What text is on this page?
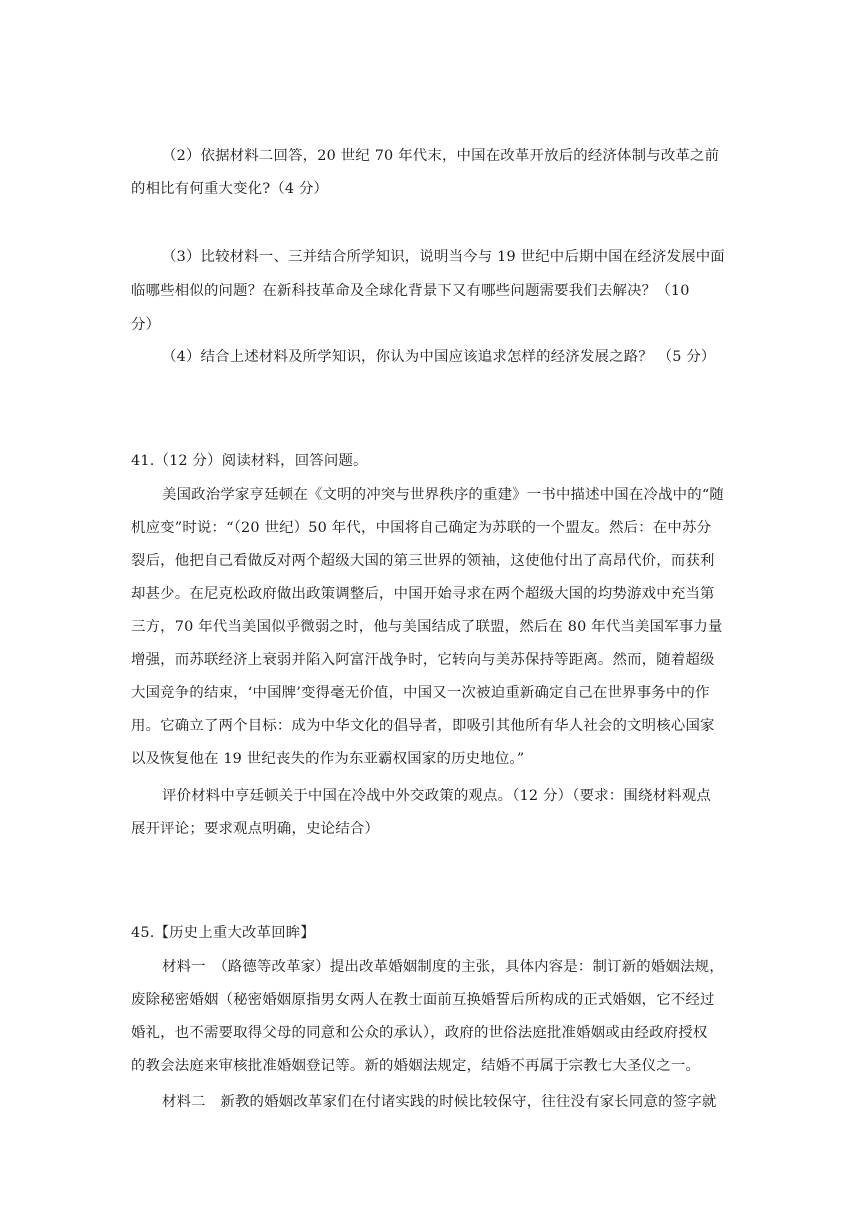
（2）依据材料二回答，20 世纪 70 年代末，中国在改革开放后的经济体制与改革之前
的相比有何重大变化?（4 分）
（3）比较材料一、三并结合所学知识，说明当今与 19 世纪中后期中国在经济发展中面
临哪些相似的问题？在新科技革命及全球化背景下又有哪些问题需要我们去解决？（10
分）
（4）结合上述材料及所学知识，你认为中国应该追求怎样的经济发展之路？ （5 分）
41.（12 分）阅读材料，回答问题。
美国政治学家亨廷顿在《文明的冲突与世界秩序的重建》一书中描述中国在冷战中的“随
机应变”时说：“（20 世纪）50 年代，中国将自己确定为苏联的一个盟友。然后：在中苏分
裂后，他把自己看做反对两个超级大国的第三世界的领袖，这使他付出了高昂代价，而获利
却甚少。在尼克松政府做出政策调整后，中国开始寻求在两个超级大国的均势游戏中充当第
三方，70 年代当美国似乎微弱之时，他与美国结成了联盟，然后在 80 年代当美国军事力量
增强，而苏联经济上衰弱并陷入阿富汗战争时，它转向与美苏保持等距离。然而，随着超级
大国竞争的结束，‘中国牌’变得毫无价值，中国又一次被迫重新确定自己在世界事务中的作
用。它确立了两个目标：成为中华文化的倡导者，即吸引其他所有华人社会的文明核心国家
以及恢复他在 19 世纪丧失的作为东亚霸权国家的历史地位。”
评价材料中亨廷顿关于中国在冷战中外交政策的观点。（12 分）（要求：围绕材料观点
展开评论；要求观点明确，史论结合）
45.【历史上重大改革回眸】
材料一　（路德等改革家）提出改革婚姻制度的主张，具体内容是：制订新的婚姻法规，
废除秘密婚姻（秘密婚姻原指男女两人在教士面前互换婚誓后所构成的正式婚姻，它不经过
婚礼，也不需要取得父母的同意和公众的承认），政府的世俗法庭批准婚姻或由经政府授权
的教会法庭来审核批准婚姻登记等。新的婚姻法规定，结婚不再属于宗教七大圣仪之一。
材料二　新教的婚姻改革家们在付诸实践的时候比较保守，往往没有家长同意的签字就
